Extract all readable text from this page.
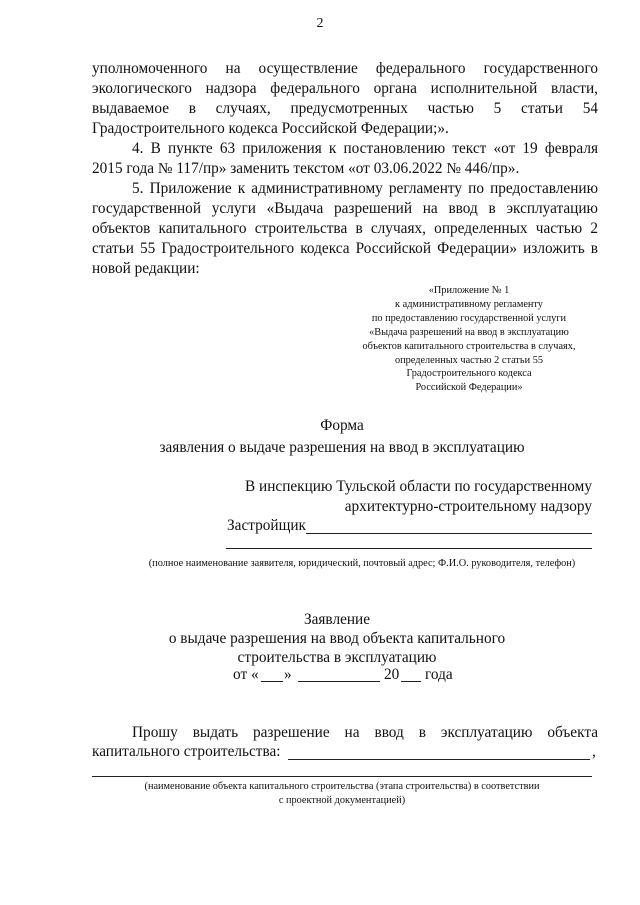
2
уполномоченного на осуществление федерального государственного
экологического надзора федерального органа исполнительной власти,
выдаваемое в случаях, предусмотренных частью 5 статьи 54
Градостроительного кодекса Российской Федерации;».
4. В пункте 63 приложения к постановлению текст «от 19 февраля
2015 года № 117/пр» заменить текстом «от 03.06.2022 № 446/пр».
5. Приложение к административному регламенту по предоставлению
государственной услуги «Выдача разрешений на ввод в эксплуатацию
объектов капитального строительства в случаях, определенных частью 2
статьи 55 Градостроительного кодекса Российской Федерации» изложить в
новой редакции:
«Приложение № 1
к административному регламенту
по предоставлению государственной услуги
«Выдача разрешений на ввод в эксплуатацию
объектов капитального строительства в случаях,
определенных частью 2 статьи 55
Градостроительного кодекса
Российской Федерации»
Форма
заявления о выдаче разрешения на ввод в эксплуатацию
В инспекцию Тульской области по государственному
архитектурно-строительному надзору
Застройщик
(полное наименование заявителя, юридический, почтовый адрес; Ф.И.О. руководителя, телефон)
Заявление
о выдаче разрешения на ввод объекта капитального
строительства в эксплуатацию
от « »	20 года
Прошу выдать разрешение на ввод в эксплуатацию объекта
капитального строительства:	,
(наименование объекта капитального строительства (этапа строительства) в соответствии
с проектной документацией)
